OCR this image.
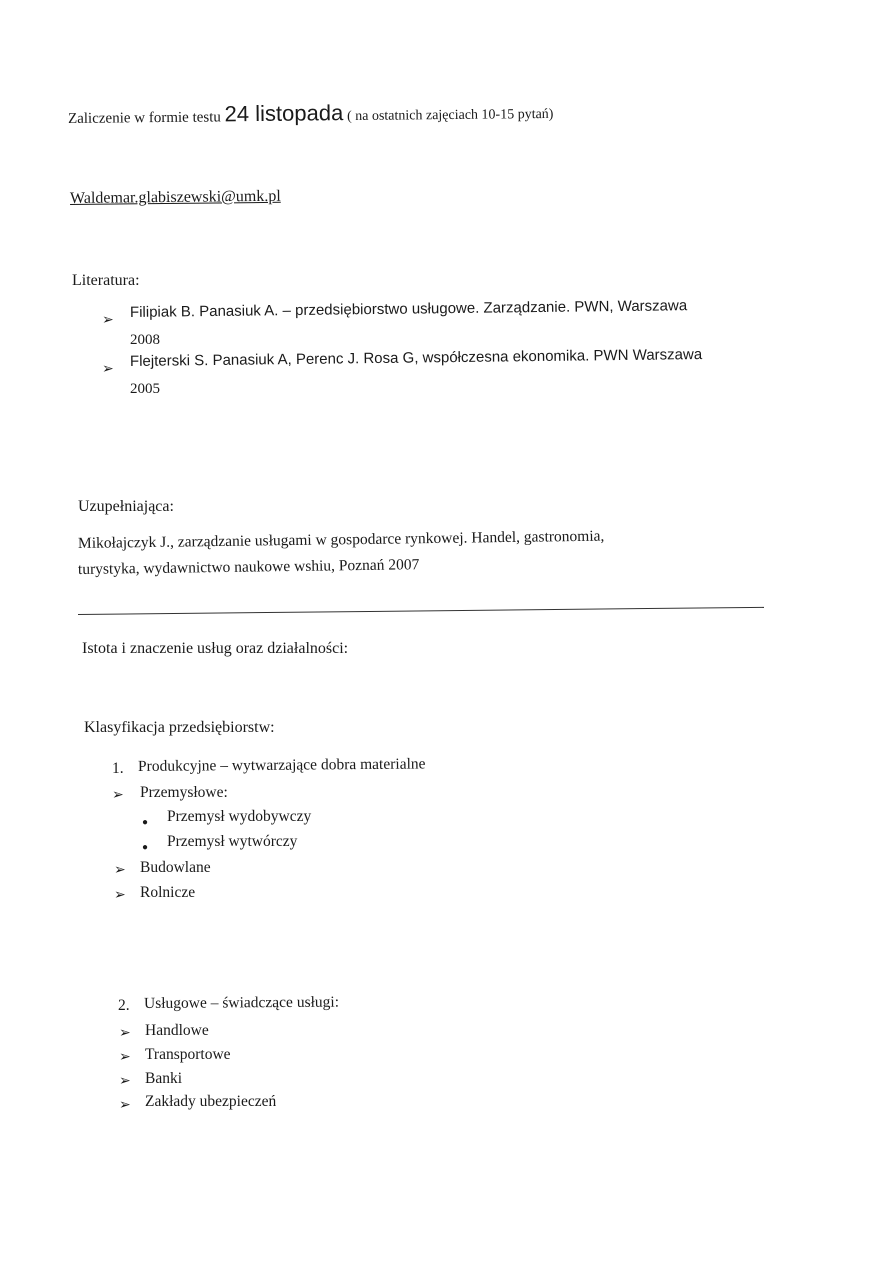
Zaliczenie w formie testu 24 listopada ( na ostatnich zajęciach 10-15 pytań)
Waldemar.glabiszewski@umk.pl
Literatura:
➢ Filipiak B. Panasiuk A. – przedsiębiorstwo usługowe. Zarządzanie. PWN, Warszawa
2008
➢ Flejterski S. Panasiuk A, Perenc J. Rosa G, współczesna ekonomika. PWN Warszawa
2005
Uzupełniająca:
Mikołajczyk J., zarządzanie usługami w gospodarce rynkowej. Handel, gastronomia,
turystyka, wydawnictwo naukowe wshiu, Poznań 2007
Istota i znaczenie usług oraz działalności:
Klasyfikacja przedsiębiorstw:
1. Produkcyjne – wytwarzające dobra materialne
➢ Przemysłowe:
● Przemysł wydobywczy
● Przemysł wytwórczy
➢ Budowlane
➢ Rolnicze
2. Usługowe – świadczące usługi:
➢ Handlowe
➢ Transportowe
➢ Banki
➢ Zakłady ubezpieczeń
